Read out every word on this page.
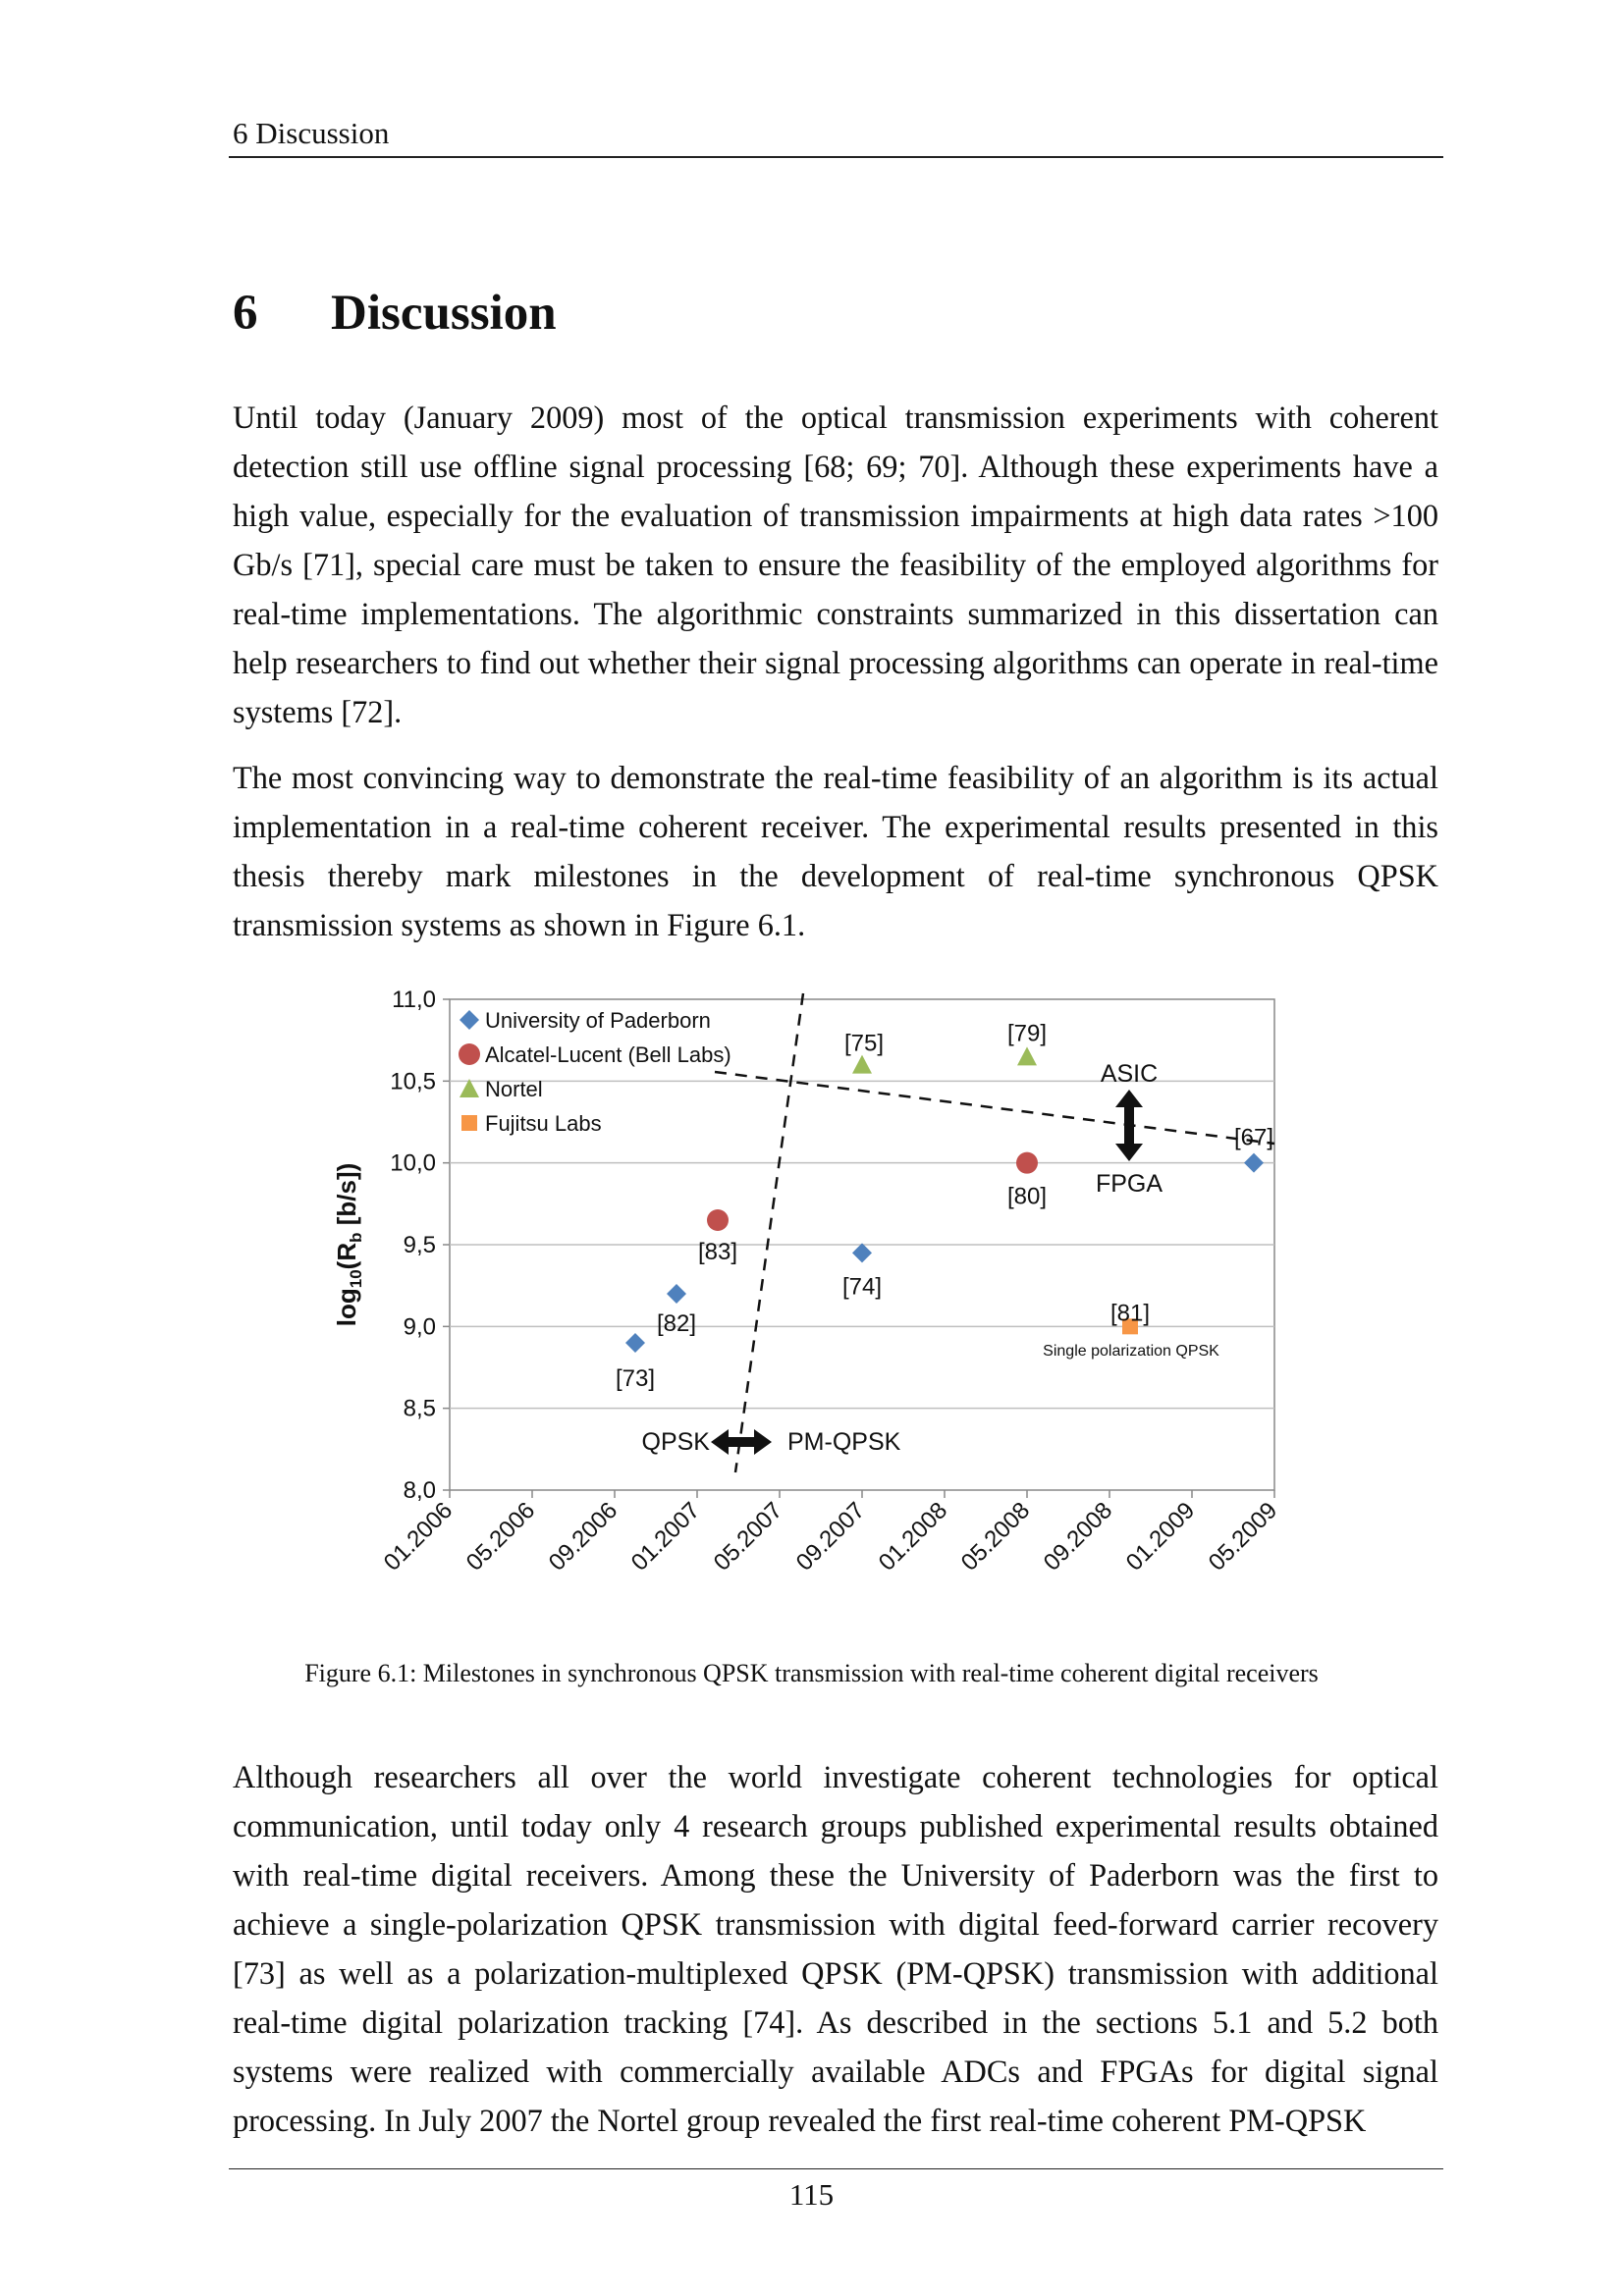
6 Discussion
6 Discussion

Until today (January 2009) most of the optical transmission experiments with coherent detection still use offline signal processing [68; 69; 70]. Although these experiments have a high value, especially for the evaluation of transmission impairments at high data rates >100 Gb/s [71], special care must be taken to ensure the feasibility of the employed algorithms for real-time implementations. The algorithmic constraints summarized in this dissertation can help researchers to find out whether their signal processing algorithms can operate in real-time systems [72].

The most convincing way to demonstrate the real-time feasibility of an algorithm is its actual implementation in a real-time coherent receiver. The experimental results presented in this thesis thereby mark milestones in the development of real-time synchronous QPSK transmission systems as shown in Figure 6.1.

8,0
8,5
9,0
9,5
10,0
10,5
11,0
01.2006 05.2006 09.2006 01.2007 05.2007 09.2007 01.2008 05.2008 09.2008 01.2009 05.2009
$\log_{10}(R_b$ [b/s])
[73]
[82]
[74]
[67]
[83]
[80]
[75]	[79]
[81]
University of Paderborn
Alcatel-Lucent (Bell Labs)
Nortel
Fujitsu Labs
ASIC
FPGA
QPSK	PM-QPSK
Single polarization QPSK

Figure 6.1: Milestones in synchronous QPSK transmission with real-time coherent digital receivers

Although researchers all over the world investigate coherent technologies for optical communication, until today only 4 research groups published experimental results obtained with real-time digital receivers. Among these the University of Paderborn was the first to achieve a single-polarization QPSK transmission with digital feed-forward carrier recovery [73] as well as a polarization-multiplexed QPSK (PM-QPSK) transmission with additional real-time digital polarization tracking [74]. As described in the sections 5.1 and 5.2 both systems were realized with commercially available ADCs and FPGAs for digital signal processing. In July 2007 the Nortel group revealed the first real-time coherent PM-QPSK

115
